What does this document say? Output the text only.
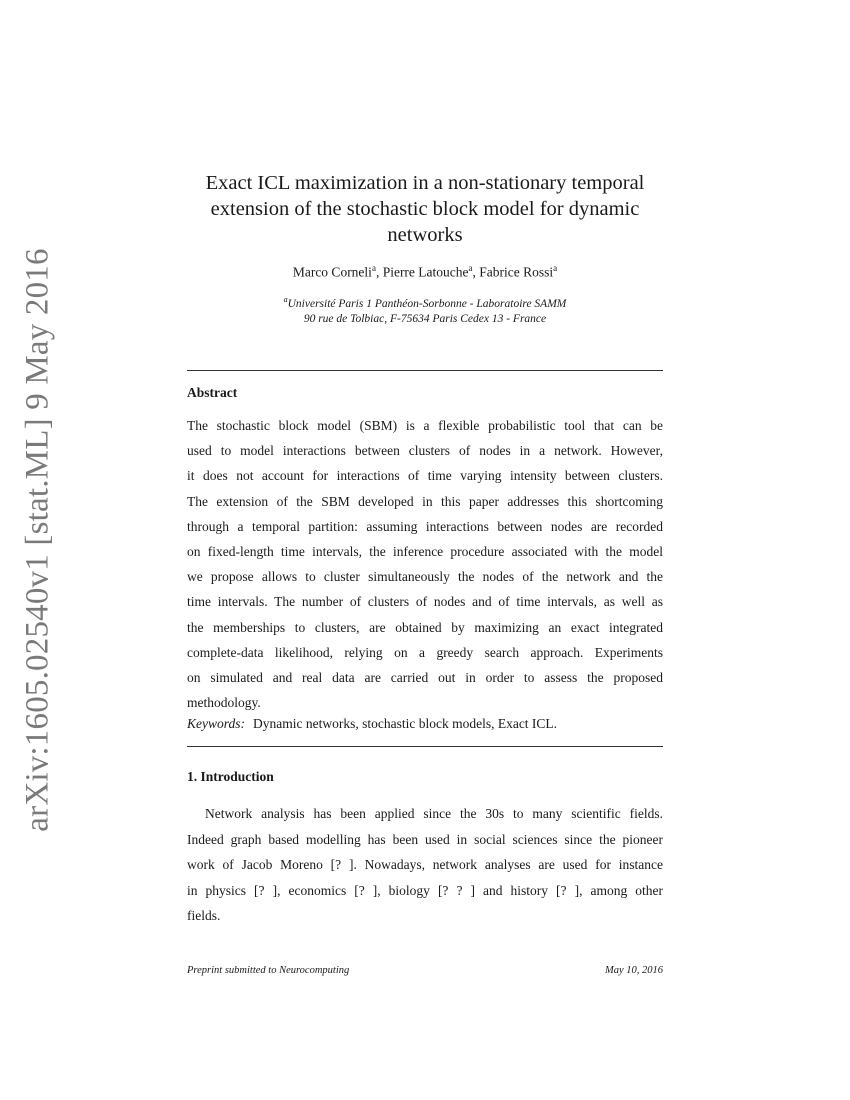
arXiv:1605.02540v1 [stat.ML] 9 May 2016
Exact ICL maximization in a non-stationary temporal
extension of the stochastic block model for dynamic
networks
Marco Corneli$^a$, Pierre Latouche$^a$, Fabrice Rossi$^a$
$^a$Université Paris 1 Panthéon-Sorbonne - Laboratoire SAMM
90 rue de Tolbiac, F-75634 Paris Cedex 13 - France
Abstract
The stochastic block model (SBM) is a flexible probabilistic tool that can be
used to model interactions between clusters of nodes in a network. However,
it does not account for interactions of time varying intensity between clusters.
The extension of the SBM developed in this paper addresses this shortcoming
through a temporal partition: assuming interactions between nodes are recorded
on fixed-length time intervals, the inference procedure associated with the model
we propose allows to cluster simultaneously the nodes of the network and the
time intervals. The number of clusters of nodes and of time intervals, as well as
the memberships to clusters, are obtained by maximizing an exact integrated
complete-data likelihood, relying on a greedy search approach. Experiments
on simulated and real data are carried out in order to assess the proposed
methodology.
Keywords: Dynamic networks, stochastic block models, Exact ICL.
1. Introduction
Network analysis has been applied since the 30s to many scientific fields.
Indeed graph based modelling has been used in social sciences since the pioneer
work of Jacob Moreno [? ]. Nowadays, network analyses are used for instance
in physics [? ], economics [? ], biology [? ? ] and history [? ], among other
fields.
Preprint submitted to Neurocomputing	May 10, 2016
